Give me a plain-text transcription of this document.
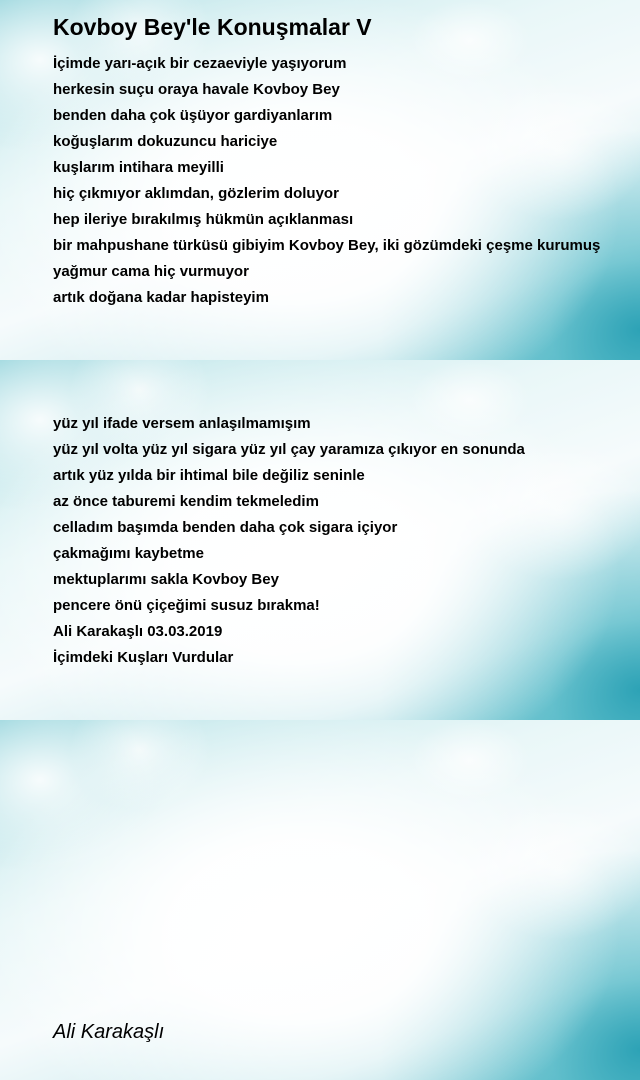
Kovboy Bey'le Konuşmalar V
İçimde yarı-açık bir cezaeviyle yaşıyorum
herkesin suçu oraya havale Kovboy Bey
benden daha çok üşüyor gardiyanlarım
koğuşlarım dokuzuncu hariciye
kuşlarım intihara meyilli
hiç çıkmıyor aklımdan, gözlerim doluyor
hep ileriye bırakılmış hükmün açıklanması
bir mahpushane türküsü gibiyim Kovboy Bey, iki gözümdeki çeşme kurumuş
yağmur cama hiç vurmuyor
artık doğana kadar hapisteyim
yüz yıl ifade versem anlaşılmamışım
yüz yıl volta yüz yıl sigara yüz yıl çay yaramıza çıkıyor en sonunda
artık yüz yılda bir ihtimal bile değiliz seninle
az önce taburemi kendim tekmeledim
celladım başımda benden daha çok sigara içiyor
çakmağımı kaybetme
mektuplarımı sakla Kovboy Bey
pencere önü çiçeğimi susuz bırakma!
Ali Karakaşlı 03.03.2019
İçimdeki Kuşları Vurdular

Ali Karakaşlı
